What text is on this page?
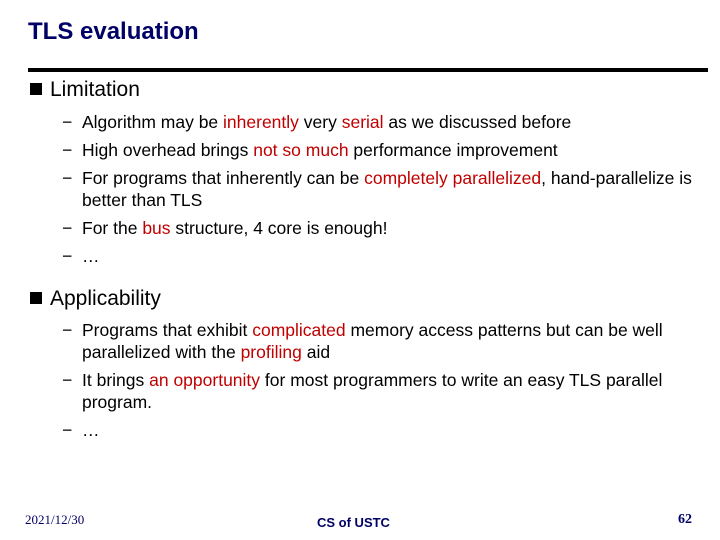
TLS evaluation
Limitation
− Algorithm may be inherently very serial as we discussed before
− High overhead brings not so much performance improvement
− For programs that inherently can be completely parallelized, hand-parallelize is better than TLS
− For the bus structure, 4 core is enough!
− …
Applicability
− Programs that exhibit complicated memory access patterns but can be well parallelized with the profiling aid
− It brings an opportunity for most programmers to write an easy TLS parallel program.
− …
2021/12/30	CS of USTC	62
